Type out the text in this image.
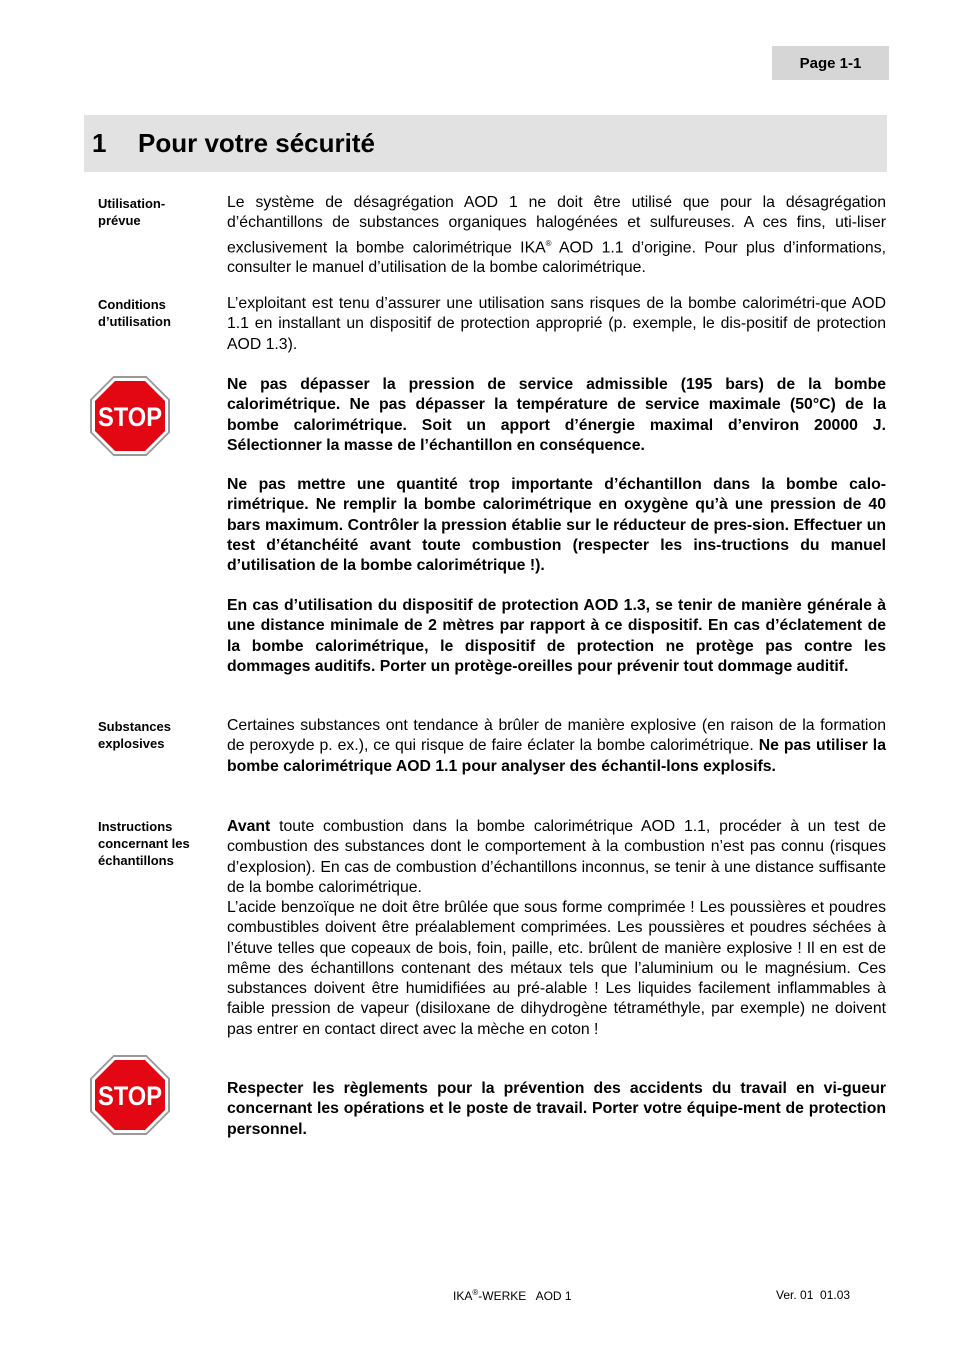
Page 1-1
1	Pour votre sécurité
Utilisation-
prévue
Le système de désagrégation AOD 1 ne doit être utilisé que pour la désagrégation d’échantillons de substances organiques halogénées et sulfureuses. A ces fins, uti-liser exclusivement la bombe calorimétrique IKA® AOD 1.1 d’origine. Pour plus d’informations, consulter le manuel d’utilisation de la bombe calorimétrique.
Conditions
d’utilisation
L’exploitant est tenu d’assurer une utilisation sans risques de la bombe calorimétri-que AOD 1.1 en installant un dispositif de protection approprié (p. exemple, le dis-positif de protection AOD 1.3).
STOP
Ne pas dépasser la pression de service admissible (195 bars) de la bombe calorimétrique. Ne pas dépasser la température de service maximale (50°C) de la bombe calorimétrique. Soit un apport d’énergie maximal d’environ 20000 J. Sélectionner la masse de l’échantillon en conséquence.
Ne pas mettre une quantité trop importante d’échantillon dans la bombe calo-rimétrique. Ne remplir la bombe calorimétrique en oxygène qu’à une pression de 40 bars maximum. Contrôler la pression établie sur le réducteur de pres-sion. Effectuer un test d’étanchéité avant toute combustion (respecter les ins-tructions du manuel d’utilisation de la bombe calorimétrique !).
En cas d’utilisation du dispositif de protection AOD 1.3, se tenir de manière générale à une distance minimale de 2 mètres par rapport à ce dispositif. En cas d’éclatement de la bombe calorimétrique, le dispositif de protection ne protège pas contre les dommages auditifs. Porter un protège-oreilles pour prévenir tout dommage auditif.
Substances
explosives
Certaines substances ont tendance à brûler de manière explosive (en raison de la formation de peroxyde p. ex.), ce qui risque de faire éclater la bombe calorimétrique. Ne pas utiliser la bombe calorimétrique AOD 1.1 pour analyser des échantil-lons explosifs.
Instructions
concernant les
échantillons
Avant toute combustion dans la bombe calorimétrique AOD 1.1, procéder à un test de combustion des substances dont le comportement à la combustion n’est pas connu (risques d’explosion). En cas de combustion d’échantillons inconnus, se tenir à une distance suffisante de la bombe calorimétrique.
L’acide benzoïque ne doit être brûlée que sous forme comprimée ! Les poussières et poudres combustibles doivent être préalablement comprimées. Les poussières et poudres séchées à l’étuve telles que copeaux de bois, foin, paille, etc. brûlent de manière explosive ! Il en est de même des échantillons contenant des métaux tels que l’aluminium ou le magnésium. Ces substances doivent être humidifiées au pré-alable ! Les liquides facilement inflammables à faible pression de vapeur (disiloxane de dihydrogène tétraméthyle, par exemple) ne doivent pas entrer en contact direct avec la mèche en coton !
STOP	Respecter les règlements pour la prévention des accidents du travail en vi-gueur concernant les opérations et le poste de travail. Porter votre équipe-ment de protection personnel.
IKA®-WERKE   AOD 1	Ver. 01  01.03
